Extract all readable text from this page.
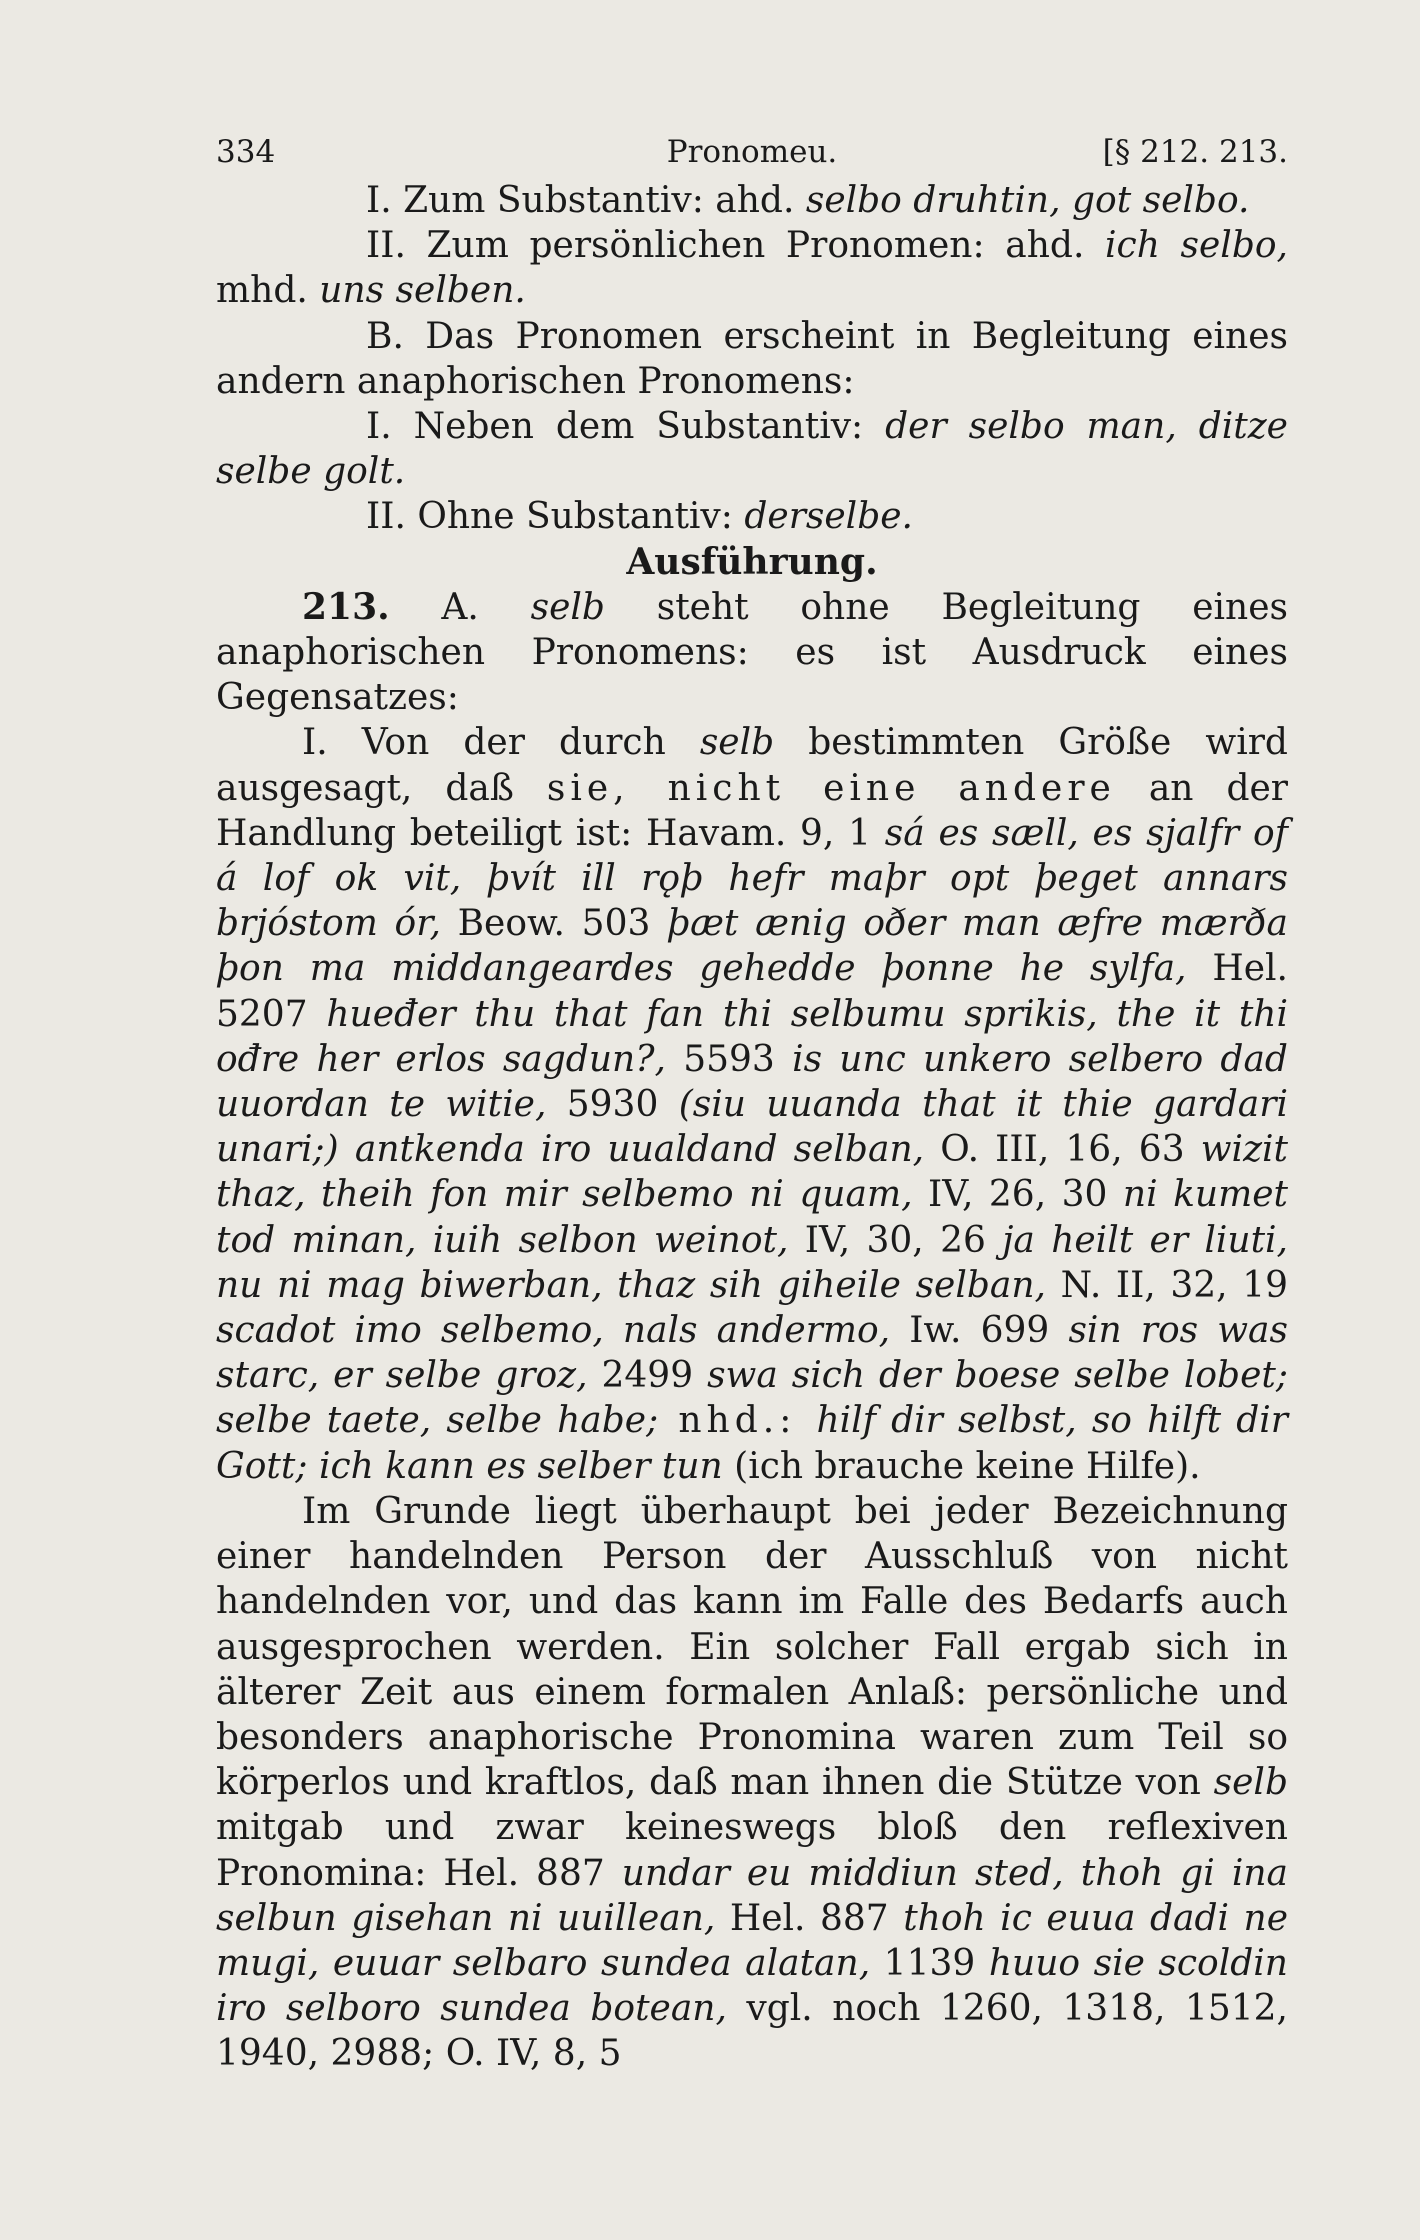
334	Pronomeu.	[§ 212. 213.

I. Zum Substantiv: ahd. selbo druhtin, got selbo.

II. Zum persönlichen Pronomen: ahd. ich selbo, mhd. uns selben.

B. Das Pronomen erscheint in Begleitung eines andern anaphorischen Pronomens:

I. Neben dem Substantiv: der selbo man, ditze selbe golt.

II. Ohne Substantiv: derselbe.

Ausführung.

213. A. selb steht ohne Begleitung eines anaphorischen Pronomens: es ist Ausdruck eines Gegensatzes:

I. Von der durch selb bestimmten Größe wird ausgesagt, daß sie, nicht eine andere an der Handlung beteiligt ist: Havam. 9, 1 sá es sæll, es sjalfr of á lof ok vit, þvít ill rǫþ hefr maþr opt þeget annars brjóstom ór, Beow. 503 þæt ænig oðer man æfre mærða þon ma middangeardes gehedde þonne he sylfa, Hel. 5207 hueđer thu that fan thi selbumu sprikis, the it thi ođre her erlos sagdun?, 5593 is unc unkero selbero dad uuordan te witie, 5930 (siu uuanda that it thie gardari unari;) antkenda iro uualdand selban, O. III, 16, 63 wizit thaz, theih fon mir selbemo ni quam, IV, 26, 30 ni kumet tod minan, iuih selbon weinot, IV, 30, 26 ja heilt er liuti, nu ni mag biwerban, thaz sih giheile selban, N. II, 32, 19 scadot imo selbemo, nals andermo, Iw. 699 sin ros was starc, er selbe groz, 2499 swa sich der boese selbe lobet; selbe taete, selbe habe; nhd.: hilf dir selbst, so hilft dir Gott; ich kann es selber tun (ich brauche keine Hilfe).

Im Grunde liegt überhaupt bei jeder Bezeichnung einer handelnden Person der Ausschluß von nicht handelnden vor, und das kann im Falle des Bedarfs auch ausgesprochen werden. Ein solcher Fall ergab sich in älterer Zeit aus einem formalen Anlaß: persönliche und besonders anaphorische Pronomina waren zum Teil so körperlos und kraftlos, daß man ihnen die Stütze von selb mitgab und zwar keineswegs bloß den reflexiven Pronomina: Hel. 887 undar eu middiun sted, thoh gi ina selbun gisehan ni uuillean, Hel. 887 thoh ic euua dadi ne mugi, euuar selbaro sundea alatan, 1139 huuo sie scoldin iro selboro sundea botean, vgl. noch 1260, 1318, 1512, 1940, 2988; O. IV, 8, 5
